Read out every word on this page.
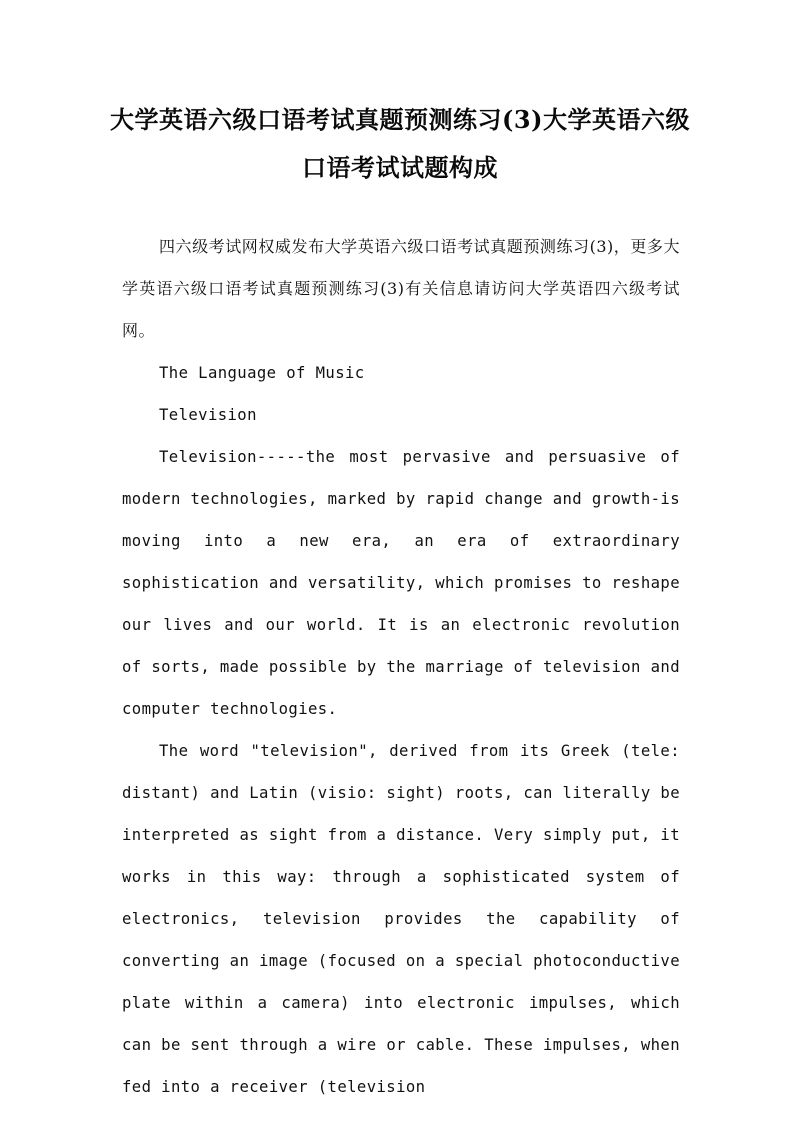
大学英语六级口语考试真题预测练习(3)大学英语六级口语考试试题构成

四六级考试网权威发布大学英语六级口语考试真题预测练习(3)，更多大学英语六级口语考试真题预测练习(3)有关信息请访问大学英语四六级考试网。

The Language of Music

Television

Television-----the most pervasive and persuasive of modern technologies, marked by rapid change and growth-is moving into a new era, an era of extraordinary sophistication and versatility, which promises to reshape our lives and our world. It is an electronic revolution of sorts, made possible by the marriage of television and computer technologies.

The word "television", derived from its Greek (tele: distant) and Latin (visio: sight) roots, can literally be interpreted as sight from a distance. Very simply put, it works in this way: through a sophisticated system of electronics, television provides the capability of converting an image (focused on a special photoconductive plate within a camera) into electronic impulses, which can be sent through a wire or cable. These impulses, when fed into a receiver (television
